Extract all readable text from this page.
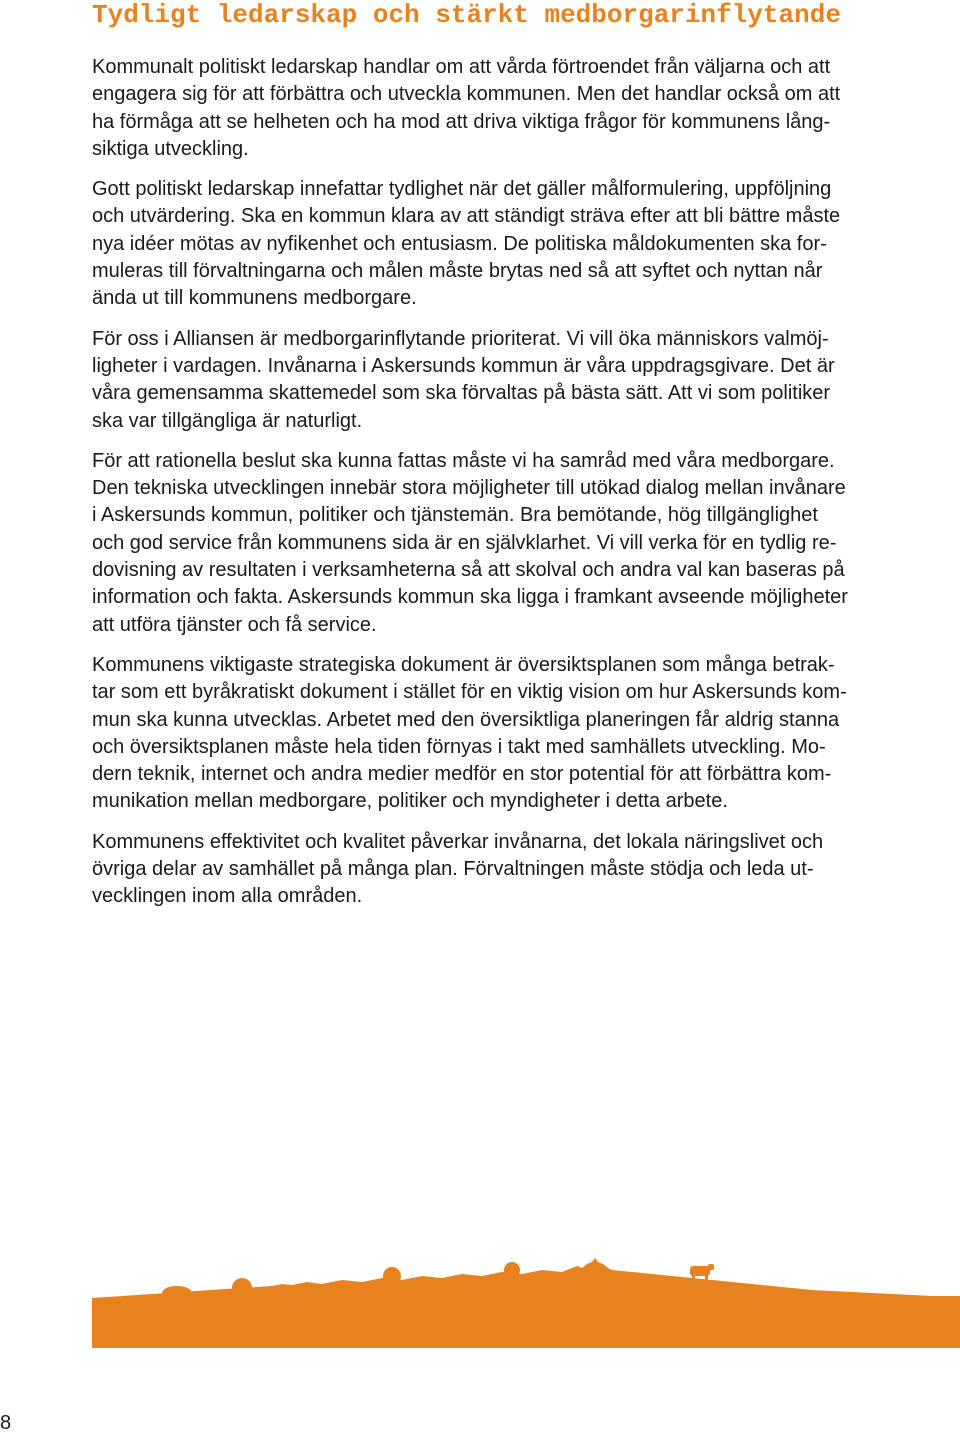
Tydligt ledarskap och stärkt medborgarinflytande
Kommunalt politiskt ledarskap handlar om att vårda förtroendet från väljarna och att
engagera sig för att förbättra och utveckla kommunen. Men det handlar också om att
ha förmåga att se helheten och ha mod att driva viktiga frågor för kommunens lång-
siktiga utveckling.
Gott politiskt ledarskap innefattar tydlighet när det gäller målformulering, uppföljning
och utvärdering. Ska en kommun klara av att ständigt sträva efter att bli bättre måste
nya idéer mötas av nyfikenhet och entusiasm. De politiska måldokumenten ska for-
muleras till förvaltningarna och målen måste brytas ned så att syftet och nyttan når
ända ut till kommunens medborgare.
För oss i Alliansen är medborgarinflytande prioriterat. Vi vill öka människors valmöj-
ligheter i vardagen. Invånarna i Askersunds kommun är våra uppdragsgivare. Det är
våra gemensamma skattemedel som ska förvaltas på bästa sätt. Att vi som politiker
ska var tillgängliga är naturligt.
För att rationella beslut ska kunna fattas måste vi ha samråd med våra medborgare.
Den tekniska utvecklingen innebär stora möjligheter till utökad dialog mellan invånare
i Askersunds kommun, politiker och tjänstemän. Bra bemötande, hög tillgänglighet
och god service från kommunens sida är en självklarhet. Vi vill verka för en tydlig re-
dovisning av resultaten i verksamheterna så att skolval och andra val kan baseras på
information och fakta. Askersunds kommun ska ligga i framkant avseende möjligheter
att utföra tjänster och få service.
Kommunens viktigaste strategiska dokument är översiktsplanen som många betrak-
tar som ett byråkratiskt dokument i stället för en viktig vision om hur Askersunds kom-
mun ska kunna utvecklas. Arbetet med den översiktliga planeringen får aldrig stanna
och översiktsplanen måste hela tiden förnyas i takt med samhällets utveckling. Mo-
dern teknik, internet och andra medier medför en stor potential för att förbättra kom-
munikation mellan medborgare, politiker och myndigheter i detta arbete.
Kommunens effektivitet och kvalitet påverkar invånarna, det lokala näringslivet och
övriga delar av samhället på många plan. Förvaltningen måste stödja och leda ut-
vecklingen inom alla områden.
8
